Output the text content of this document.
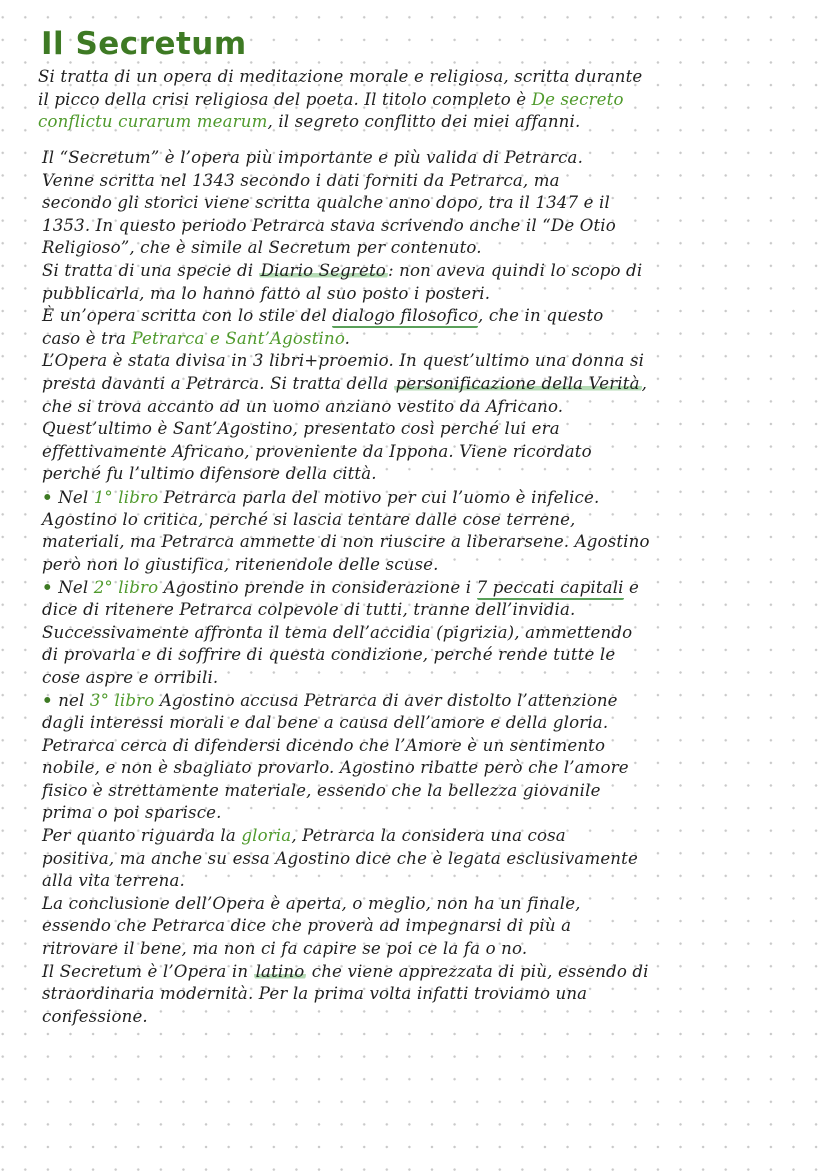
Il Secretum

Si tratta di un opera di meditazione morale e religiosa, scritta durante

il picco della crisi religiosa del poeta. Il titolo completo è De secreto

conflictu curarum mearum, il segreto conflitto dei miei affanni.

Il “Secretum” è l’opera più importante e più valida di Petrarca.

Venne scritta nel 1343 secondo i dati forniti da Petrarca, ma

secondo gli storici viene scritta qualche anno dopo, tra il 1347 e il

1353. In questo periodo Petrarca stava scrivendo anche il “De Otio

Religioso”, che è simile al Secretum per contenuto.

Si tratta di una specie di Diario Segreto : non aveva quindi lo scopo di

pubblicarla, ma lo hanno fatto al suo posto i posteri.

È un’opera scritta con lo stile del dialogo filosofico, che in questo

caso è tra Petrarca e Sant’Agostino.

L’Opera è stata divisa in 3 libri+proemio. In quest’ultimo una donna si

presta davanti a Petrarca. Si tratta della personificazione della Verità ,

che si trova accanto ad un uomo anziano vestito da Africano.

Quest’ultimo è Sant’Agostino, presentato così perché lui era

effettivamente Africano, proveniente da Ippona. Viene ricordato

perché fu l’ultimo difensore della città.

• Nel 1° libro Petrarca parla del motivo per cui l’uomo è infelice.

Agostino lo critica, perché si lascia tentare dalle cose terrene,

materiali, ma Petrarca ammette di non riuscire a liberarsene. Agostino

però non lo giustifica, ritenendole delle scuse.

• Nel 2° libro Agostino prende in considerazione i 7 peccati capitali e

dice di ritenere Petrarca colpevole di tutti, tranne dell’invidia.

Successivamente affronta il tema dell’accidia (pigrizia), ammettendo

di provarla e di soffrire di questa condizione, perché rende tutte le

cose aspre e orribili.

• nel 3° libro Agostino accusa Petrarca di aver distolto l’attenzione

dagli interessi morali e dal bene a causa dell’amore e della gloria.

Petrarca cerca di difendersi dicendo che l’Amore è un sentimento

nobile, e non è sbagliato provarlo. Agostino ribatte però che l’amore

fisico è strettamente materiale, essendo che la bellezza giovanile

prima o poi sparisce.

Per quanto riguarda la gloria, Petrarca la considera una cosa

positiva, ma anche su essa Agostino dice che è legata esclusivamente

alla vita terrena.

La conclusione dell’Opera è aperta, o meglio, non ha un finale,

essendo che Petrarca dice che proverà ad impegnarsi di più a

ritrovare il bene, ma non ci fa capire se poi ce la fa o no.

Il Secretum è l’Opera in latino che viene apprezzata di più, essendo di

straordinaria modernità. Per la prima volta infatti troviamo una

confessione.
